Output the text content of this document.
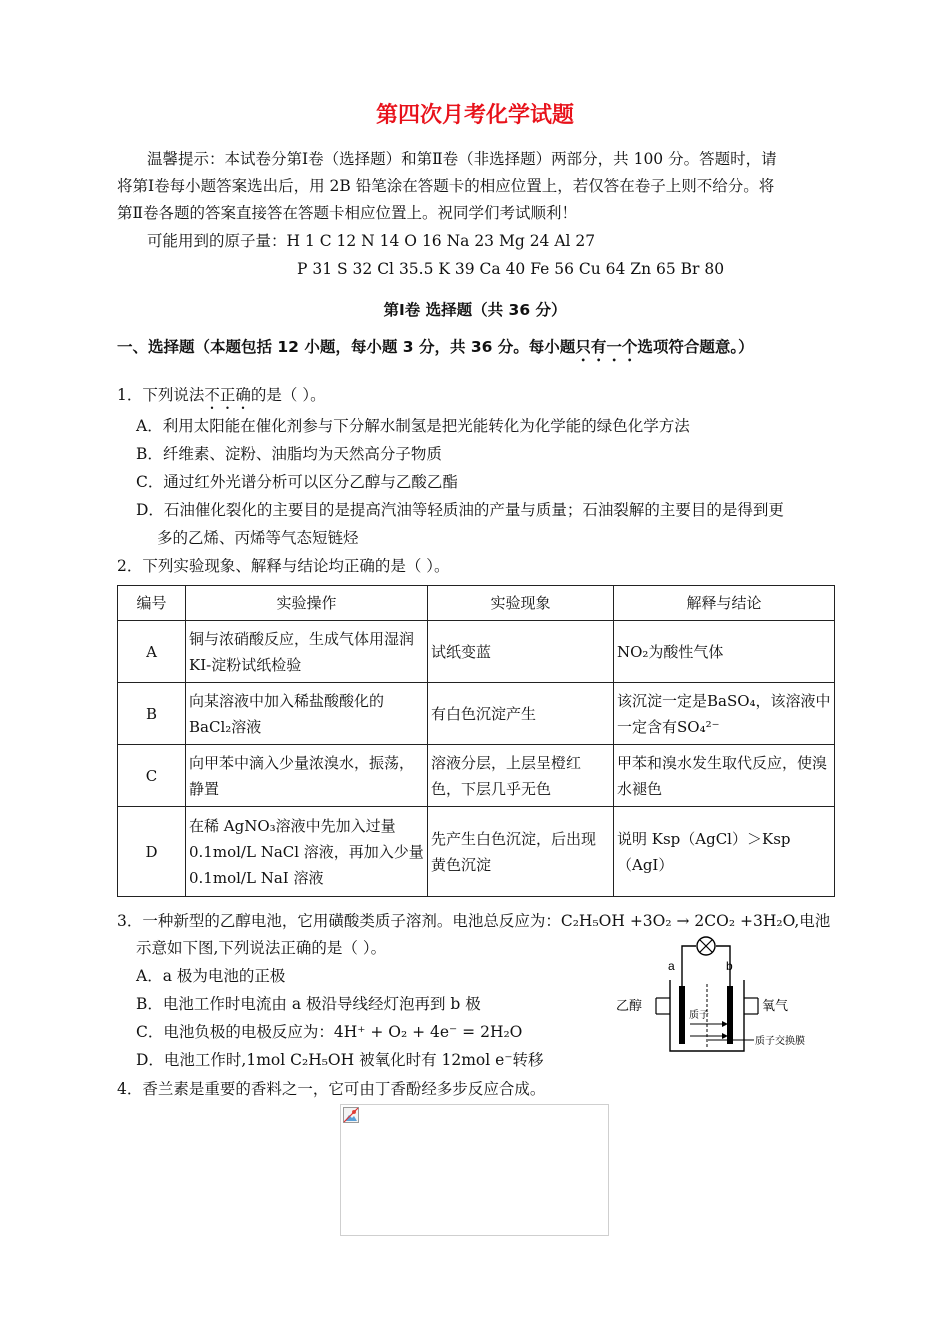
第四次月考化学试题
温馨提示：本试卷分第Ⅰ卷（选择题）和第Ⅱ卷（非选择题）两部分，共 100 分。答题时，请
将第Ⅰ卷每小题答案选出后，用 2B 铅笔涂在答题卡的相应位置上，若仅答在卷子上则不给分。将
第Ⅱ卷各题的答案直接答在答题卡相应位置上。祝同学们考试顺利！
可能用到的原子量：H 1 C 12 N 14 O 16 Na 23 Mg 24 Al 27
P 31 S 32 Cl 35.5 K 39 Ca 40 Fe 56 Cu 64 Zn 65 Br 80
第Ⅰ卷 选择题（共 36 分）
一、选择题（本题包括 12 小题，每小题 3 分，共 36 分。每小题只有一个选项符合题意。）
1．下列说法不正确的是（ ）。
A．利用太阳能在催化剂参与下分解水制氢是把光能转化为化学能的绿色化学方法
B．纤维素、淀粉、油脂均为天然高分子物质
C．通过红外光谱分析可以区分乙醇与乙酸乙酯
D．石油催化裂化的主要目的是提高汽油等轻质油的产量与质量；石油裂解的主要目的是得到更
多的乙烯、丙烯等气态短链烃
2．下列实验现象、解释与结论均正确的是（ ）。
编号	实验操作	实验现象	解释与结论
A	铜与浓硝酸反应，生成气体用湿润KI-淀粉试纸检验	试纸变蓝	NO₂为酸性气体
B	向某溶液中加入稀盐酸酸化的BaCl₂溶液	有白色沉淀产生	该沉淀一定是BaSO₄，该溶液中一定含有SO₄²⁻
C	向甲苯中滴入少量浓溴水，振荡，静置	溶液分层，上层呈橙红色，下层几乎无色	甲苯和溴水发生取代反应，使溴水褪色
D	在稀 AgNO₃溶液中先加入过量 0.1mol/L NaCl 溶液，再加入少量 0.1mol/L NaI 溶液	先产生白色沉淀，后出现黄色沉淀	说明 Ksp（AgCl）＞Ksp（AgI）
3．一种新型的乙醇电池，它用磺酸类质子溶剂。电池总反应为：C₂H₅OH +3O₂ → 2CO₂ +3H₂O,电池
示意如下图,下列说法正确的是（ ）。
A．a 极为电池的正极
B．电池工作时电流由 a 极沿导线经灯泡再到 b 极
C．电池负极的电极反应为：4H⁺ + O₂ + 4e⁻ = 2H₂O
D．电池工作时,1mol C₂H₅OH 被氧化时有 12mol e⁻转移
a	b
乙醇	氧气
质子
质子交换膜
4．香兰素是重要的香料之一，它可由丁香酚经多步反应合成。
